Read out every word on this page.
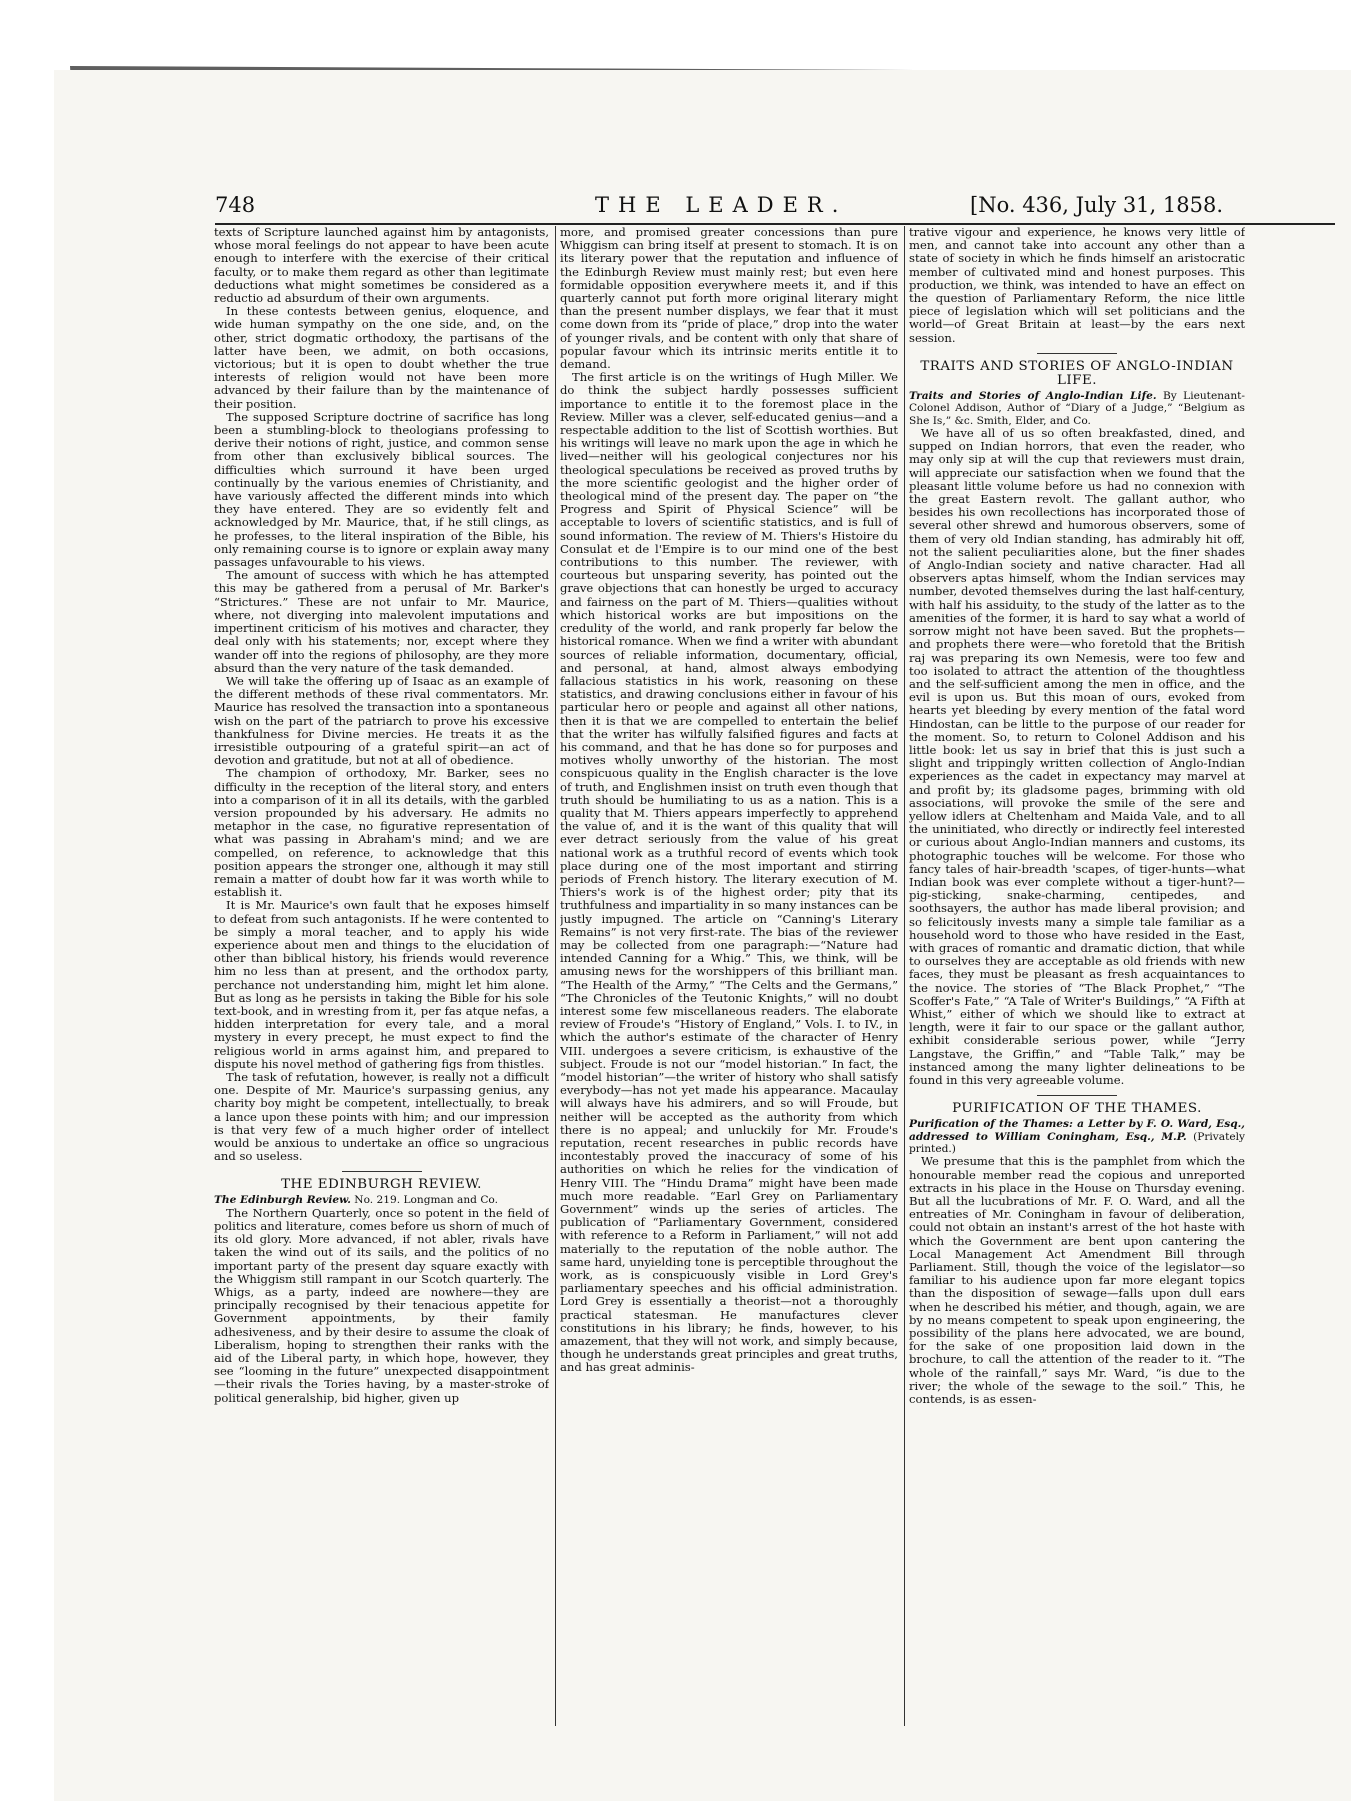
748	THE LEADER.	[No. 436, July 31, 1858.

texts of Scripture launched against him by antagonists, whose moral feelings do not appear to have been acute enough to interfere with the exercise of their critical faculty, or to make them regard as other than legitimate deductions what might sometimes be considered as a reductio ad absurdum of their own arguments.

In these contests between genius, eloquence, and wide human sympathy on the one side, and, on the other, strict dogmatic orthodoxy, the partisans of the latter have been, we admit, on both occasions, victorious; but it is open to doubt whether the true interests of religion would not have been more advanced by their failure than by the maintenance of their position.

The supposed Scripture doctrine of sacrifice has long been a stumbling-block to theologians professing to derive their notions of right, justice, and common sense from other than exclusively biblical sources. The difficulties which surround it have been urged continually by the various enemies of Christianity, and have variously affected the different minds into which they have entered. They are so evidently felt and acknowledged by Mr. Maurice, that, if he still clings, as he professes, to the literal inspiration of the Bible, his only remaining course is to ignore or explain away many passages unfavourable to his views.

The amount of success with which he has attempted this may be gathered from a perusal of Mr. Barker's “Strictures.” These are not unfair to Mr. Maurice, where, not diverging into malevolent imputations and impertinent criticism of his motives and character, they deal only with his statements; nor, except where they wander off into the regions of philosophy, are they more absurd than the very nature of the task demanded.

We will take the offering up of Isaac as an example of the different methods of these rival commentators. Mr. Maurice has resolved the transaction into a spontaneous wish on the part of the patriarch to prove his excessive thankfulness for Divine mercies. He treats it as the irresistible outpouring of a grateful spirit—an act of devotion and gratitude, but not at all of obedience.

The champion of orthodoxy, Mr. Barker, sees no difficulty in the reception of the literal story, and enters into a comparison of it in all its details, with the garbled version propounded by his adversary. He admits no metaphor in the case, no figurative representation of what was passing in Abraham's mind; and we are compelled, on reference, to acknowledge that this position appears the stronger one, although it may still remain a matter of doubt how far it was worth while to establish it.

It is Mr. Maurice's own fault that he exposes himself to defeat from such antagonists. If he were contented to be simply a moral teacher, and to apply his wide experience about men and things to the elucidation of other than biblical history, his friends would reverence him no less than at present, and the orthodox party, perchance not understanding him, might let him alone. But as long as he persists in taking the Bible for his sole text-book, and in wresting from it, per fas atque nefas, a hidden interpretation for every tale, and a moral mystery in every precept, he must expect to find the religious world in arms against him, and prepared to dispute his novel method of gathering figs from thistles.

The task of refutation, however, is really not a difficult one. Despite of Mr. Maurice's surpassing genius, any charity boy might be competent, intellectually, to break a lance upon these points with him; and our impression is that very few of a much higher order of intellect would be anxious to undertake an office so ungracious and so useless.

THE EDINBURGH REVIEW.

The Edinburgh Review. No. 219. Longman and Co.

The Northern Quarterly, once so potent in the field of politics and literature, comes before us shorn of much of its old glory. More advanced, if not abler, rivals have taken the wind out of its sails, and the politics of no important party of the present day square exactly with the Whiggism still rampant in our Scotch quarterly. The Whigs, as a party, indeed are nowhere—they are principally recognised by their tenacious appetite for Government appointments, by their family adhesiveness, and by their desire to assume the cloak of Liberalism, hoping to strengthen their ranks with the aid of the Liberal party, in which hope, however, they see “looming in the future” unexpected disappointment—their rivals the Tories having, by a master-stroke of political generalship, bid higher, given up

more, and promised greater concessions than pure Whiggism can bring itself at present to stomach. It is on its literary power that the reputation and influence of the Edinburgh Review must mainly rest; but even here formidable opposition everywhere meets it, and if this quarterly cannot put forth more original literary might than the present number displays, we fear that it must come down from its “pride of place,” drop into the water of younger rivals, and be content with only that share of popular favour which its intrinsic merits entitle it to demand.

The first article is on the writings of Hugh Miller. We do think the subject hardly possesses sufficient importance to entitle it to the foremost place in the Review. Miller was a clever, self-educated genius—and a respectable addition to the list of Scottish worthies. But his writings will leave no mark upon the age in which he lived—neither will his geological conjectures nor his theological speculations be received as proved truths by the more scientific geologist and the higher order of theological mind of the present day. The paper on “the Progress and Spirit of Physical Science” will be acceptable to lovers of scientific statistics, and is full of sound information. The review of M. Thiers's Histoire du Consulat et de l'Empire is to our mind one of the best contributions to this number. The reviewer, with courteous but unsparing severity, has pointed out the grave objections that can honestly be urged to accuracy and fairness on the part of M. Thiers—qualities without which historical works are but impositions on the credulity of the world, and rank properly far below the historical romance. When we find a writer with abundant sources of reliable information, documentary, official, and personal, at hand, almost always embodying fallacious statistics in his work, reasoning on these statistics, and drawing conclusions either in favour of his particular hero or people and against all other nations, then it is that we are compelled to entertain the belief that the writer has wilfully falsified figures and facts at his command, and that he has done so for purposes and motives wholly unworthy of the historian. The most conspicuous quality in the English character is the love of truth, and Englishmen insist on truth even though that truth should be humiliating to us as a nation. This is a quality that M. Thiers appears imperfectly to apprehend the value of, and it is the want of this quality that will ever detract seriously from the value of his great national work as a truthful record of events which took place during one of the most important and stirring periods of French history. The literary execution of M. Thiers's work is of the highest order; pity that its truthfulness and impartiality in so many instances can be justly impugned. The article on “Canning's Literary Remains” is not very first-rate. The bias of the reviewer may be collected from one paragraph:—“Nature had intended Canning for a Whig.” This, we think, will be amusing news for the worshippers of this brilliant man. “The Health of the Army,” “The Celts and the Germans,” “The Chronicles of the Teutonic Knights,” will no doubt interest some few miscellaneous readers. The elaborate review of Froude's “History of England,” Vols. I. to IV., in which the author's estimate of the character of Henry VIII. undergoes a severe criticism, is exhaustive of the subject. Froude is not our “model historian.” In fact, the “model historian”—the writer of history who shall satisfy everybody—has not yet made his appearance. Macaulay will always have his admirers, and so will Froude, but neither will be accepted as the authority from which there is no appeal; and unluckily for Mr. Froude's reputation, recent researches in public records have incontestably proved the inaccuracy of some of his authorities on which he relies for the vindication of Henry VIII. The “Hindu Drama” might have been made much more readable. “Earl Grey on Parliamentary Government” winds up the series of articles. The publication of “Parliamentary Government, considered with reference to a Reform in Parliament,” will not add materially to the reputation of the noble author. The same hard, unyielding tone is perceptible throughout the work, as is conspicuously visible in Lord Grey's parliamentary speeches and his official administration. Lord Grey is essentially a theorist—not a thoroughly practical statesman. He manufactures clever constitutions in his library; he finds, however, to his amazement, that they will not work, and simply because, though he understands great principles and great truths, and has great adminis-

trative vigour and experience, he knows very little of men, and cannot take into account any other than a state of society in which he finds himself an aristocratic member of cultivated mind and honest purposes. This production, we think, was intended to have an effect on the question of Parliamentary Reform, the nice little piece of legislation which will set politicians and the world—of Great Britain at least—by the ears next session.

TRAITS AND STORIES OF ANGLO-INDIAN LIFE.

Traits and Stories of Anglo-Indian Life. By Lieutenant-Colonel Addison, Author of “Diary of a Judge,” “Belgium as She Is,” &c. Smith, Elder, and Co.

We have all of us so often breakfasted, dined, and supped on Indian horrors, that even the reader, who may only sip at will the cup that reviewers must drain, will appreciate our satisfaction when we found that the pleasant little volume before us had no connexion with the great Eastern revolt. The gallant author, who besides his own recollections has incorporated those of several other shrewd and humorous observers, some of them of very old Indian standing, has admirably hit off, not the salient peculiarities alone, but the finer shades of Anglo-Indian society and native character. Had all observers aptas himself, whom the Indian services may number, devoted themselves during the last half-century, with half his assiduity, to the study of the latter as to the amenities of the former, it is hard to say what a world of sorrow might not have been saved. But the prophets—and prophets there were—who foretold that the British raj was preparing its own Nemesis, were too few and too isolated to attract the attention of the thoughtless and the self-sufficient among the men in office, and the evil is upon us. But this moan of ours, evoked from hearts yet bleeding by every mention of the fatal word Hindostan, can be little to the purpose of our reader for the moment. So, to return to Colonel Addison and his little book: let us say in brief that this is just such a slight and trippingly written collection of Anglo-Indian experiences as the cadet in expectancy may marvel at and profit by; its gladsome pages, brimming with old associations, will provoke the smile of the sere and yellow idlers at Cheltenham and Maida Vale, and to all the uninitiated, who directly or indirectly feel interested or curious about Anglo-Indian manners and customs, its photographic touches will be welcome. For those who fancy tales of hair-breadth 'scapes, of tiger-hunts—what Indian book was ever complete without a tiger-hunt?—pig-sticking, snake-charming, centipedes, and soothsayers, the author has made liberal provision; and so felicitously invests many a simple tale familiar as a household word to those who have resided in the East, with graces of romantic and dramatic diction, that while to ourselves they are acceptable as old friends with new faces, they must be pleasant as fresh acquaintances to the novice. The stories of “The Black Prophet,” “The Scoffer's Fate,” “A Tale of Writer's Buildings,” “A Fifth at Whist,” either of which we should like to extract at length, were it fair to our space or the gallant author, exhibit considerable serious power, while “Jerry Langstave, the Griffin,” and “Table Talk,” may be instanced among the many lighter delineations to be found in this very agreeable volume.

PURIFICATION OF THE THAMES.

Purification of the Thames: a Letter by F. O. Ward, Esq., addressed to William Coningham, Esq., M.P. (Privately printed.)

We presume that this is the pamphlet from which the honourable member read the copious and unreported extracts in his place in the House on Thursday evening. But all the lucubrations of Mr. F. O. Ward, and all the entreaties of Mr. Coningham in favour of deliberation, could not obtain an instant's arrest of the hot haste with which the Government are bent upon cantering the Local Management Act Amendment Bill through Parliament. Still, though the voice of the legislator—so familiar to his audience upon far more elegant topics than the disposition of sewage—falls upon dull ears when he described his métier, and though, again, we are by no means competent to speak upon engineering, the possibility of the plans here advocated, we are bound, for the sake of one proposition laid down in the brochure, to call the attention of the reader to it. “The whole of the rainfall,” says Mr. Ward, “is due to the river; the whole of the sewage to the soil.” This, he contends, is as essen-
